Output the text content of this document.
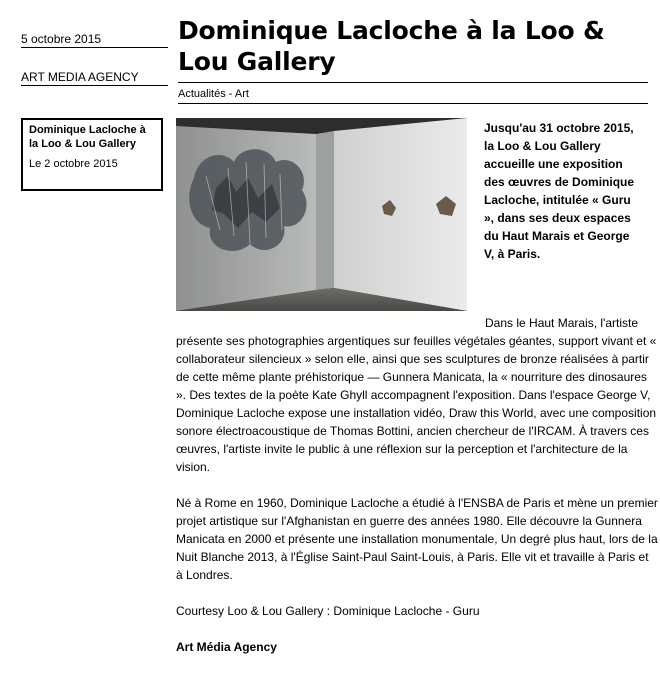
5 octobre 2015
ART MEDIA AGENCY
Dominique Lacloche à la Loo & Lou Gallery
Le 2 octobre 2015
Dominique Lacloche à la Loo & Lou Gallery
Actualités - Art

Jusqu'au 31 octobre 2015, la Loo & Lou Gallery accueille une exposition des œuvres de Dominique Lacloche, intitulée « Guru », dans ses deux espaces du Haut Marais et George V, à Paris.

Dans le Haut Marais, l'artiste présente ses photographies argentiques sur feuilles végétales géantes, support vivant et « collaborateur silencieux » selon elle, ainsi que ses sculptures de bronze réalisées à partir de cette même plante préhistorique — Gunnera Manicata, la « nourriture des dinosaures ». Des textes de la poète Kate Ghyll accompagnent l'exposition. Dans l'espace George V, Dominique Lacloche expose une installation vidéo, Draw this World, avec une composition sonore électroacoustique de Thomas Bottini, ancien chercheur de l'IRCAM. À travers ces œuvres, l'artiste invite le public à une réflexion sur la perception et l'architecture de la vision.

Né à Rome en 1960, Dominique Lacloche a étudié à l'ENSBA de Paris et mène un premier projet artistique sur l'Afghanistan en guerre des années 1980. Elle découvre la Gunnera Manicata en 2000 et présente une installation monumentale, Un degré plus haut, lors de la Nuit Blanche 2013, à l'Église Saint-Paul Saint-Louis, à Paris. Elle vit et travaille à Paris et à Londres.

Courtesy Loo & Lou Gallery : Dominique Lacloche - Guru

Art Média Agency
